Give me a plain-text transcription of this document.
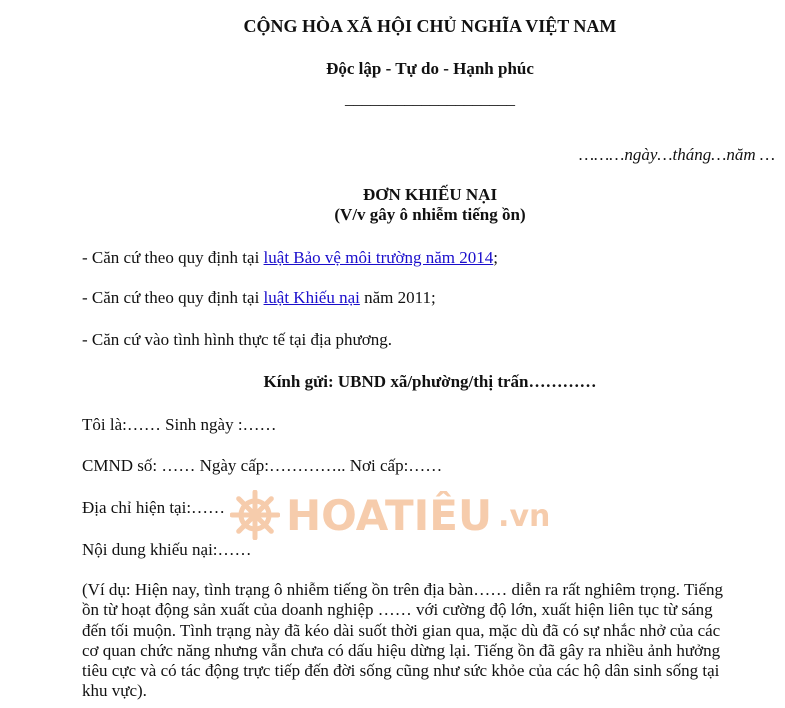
CỘNG HÒA XÃ HỘI CHỦ NGHĨA VIỆT NAM
Độc lập - Tự do - Hạnh phúc
____________________
………ngày…tháng…năm …
ĐƠN KHIẾU NẠI
(V/v gây ô nhiễm tiếng ồn)
- Căn cứ theo quy định tại luật Bảo vệ môi trường năm 2014;
- Căn cứ theo quy định tại luật Khiếu nại năm 2011;
- Căn cứ vào tình hình thực tế tại địa phương.
Kính gửi: UBND xã/phường/thị trấn…………
Tôi là:…… Sinh ngày :……
CMND số: …… Ngày cấp:………….. Nơi cấp:……
Địa chỉ hiện tại:……
Nội dung khiếu nại:……
(Ví dụ: Hiện nay, tình trạng ô nhiễm tiếng ồn trên địa bàn…… diễn ra rất nghiêm trọng. Tiếng
ồn từ hoạt động sản xuất của doanh nghiệp …… với cường độ lớn, xuất hiện liên tục từ sáng
đến tối muộn. Tình trạng này đã kéo dài suốt thời gian qua, mặc dù đã có sự nhắc nhở của các
cơ quan chức năng nhưng vẫn chưa có dấu hiệu dừng lại. Tiếng ồn đã gây ra nhiều ảnh hưởng
tiêu cực và có tác động trực tiếp đến đời sống cũng như sức khỏe của các hộ dân sinh sống tại
khu vực).
HOATIÊU .vn
